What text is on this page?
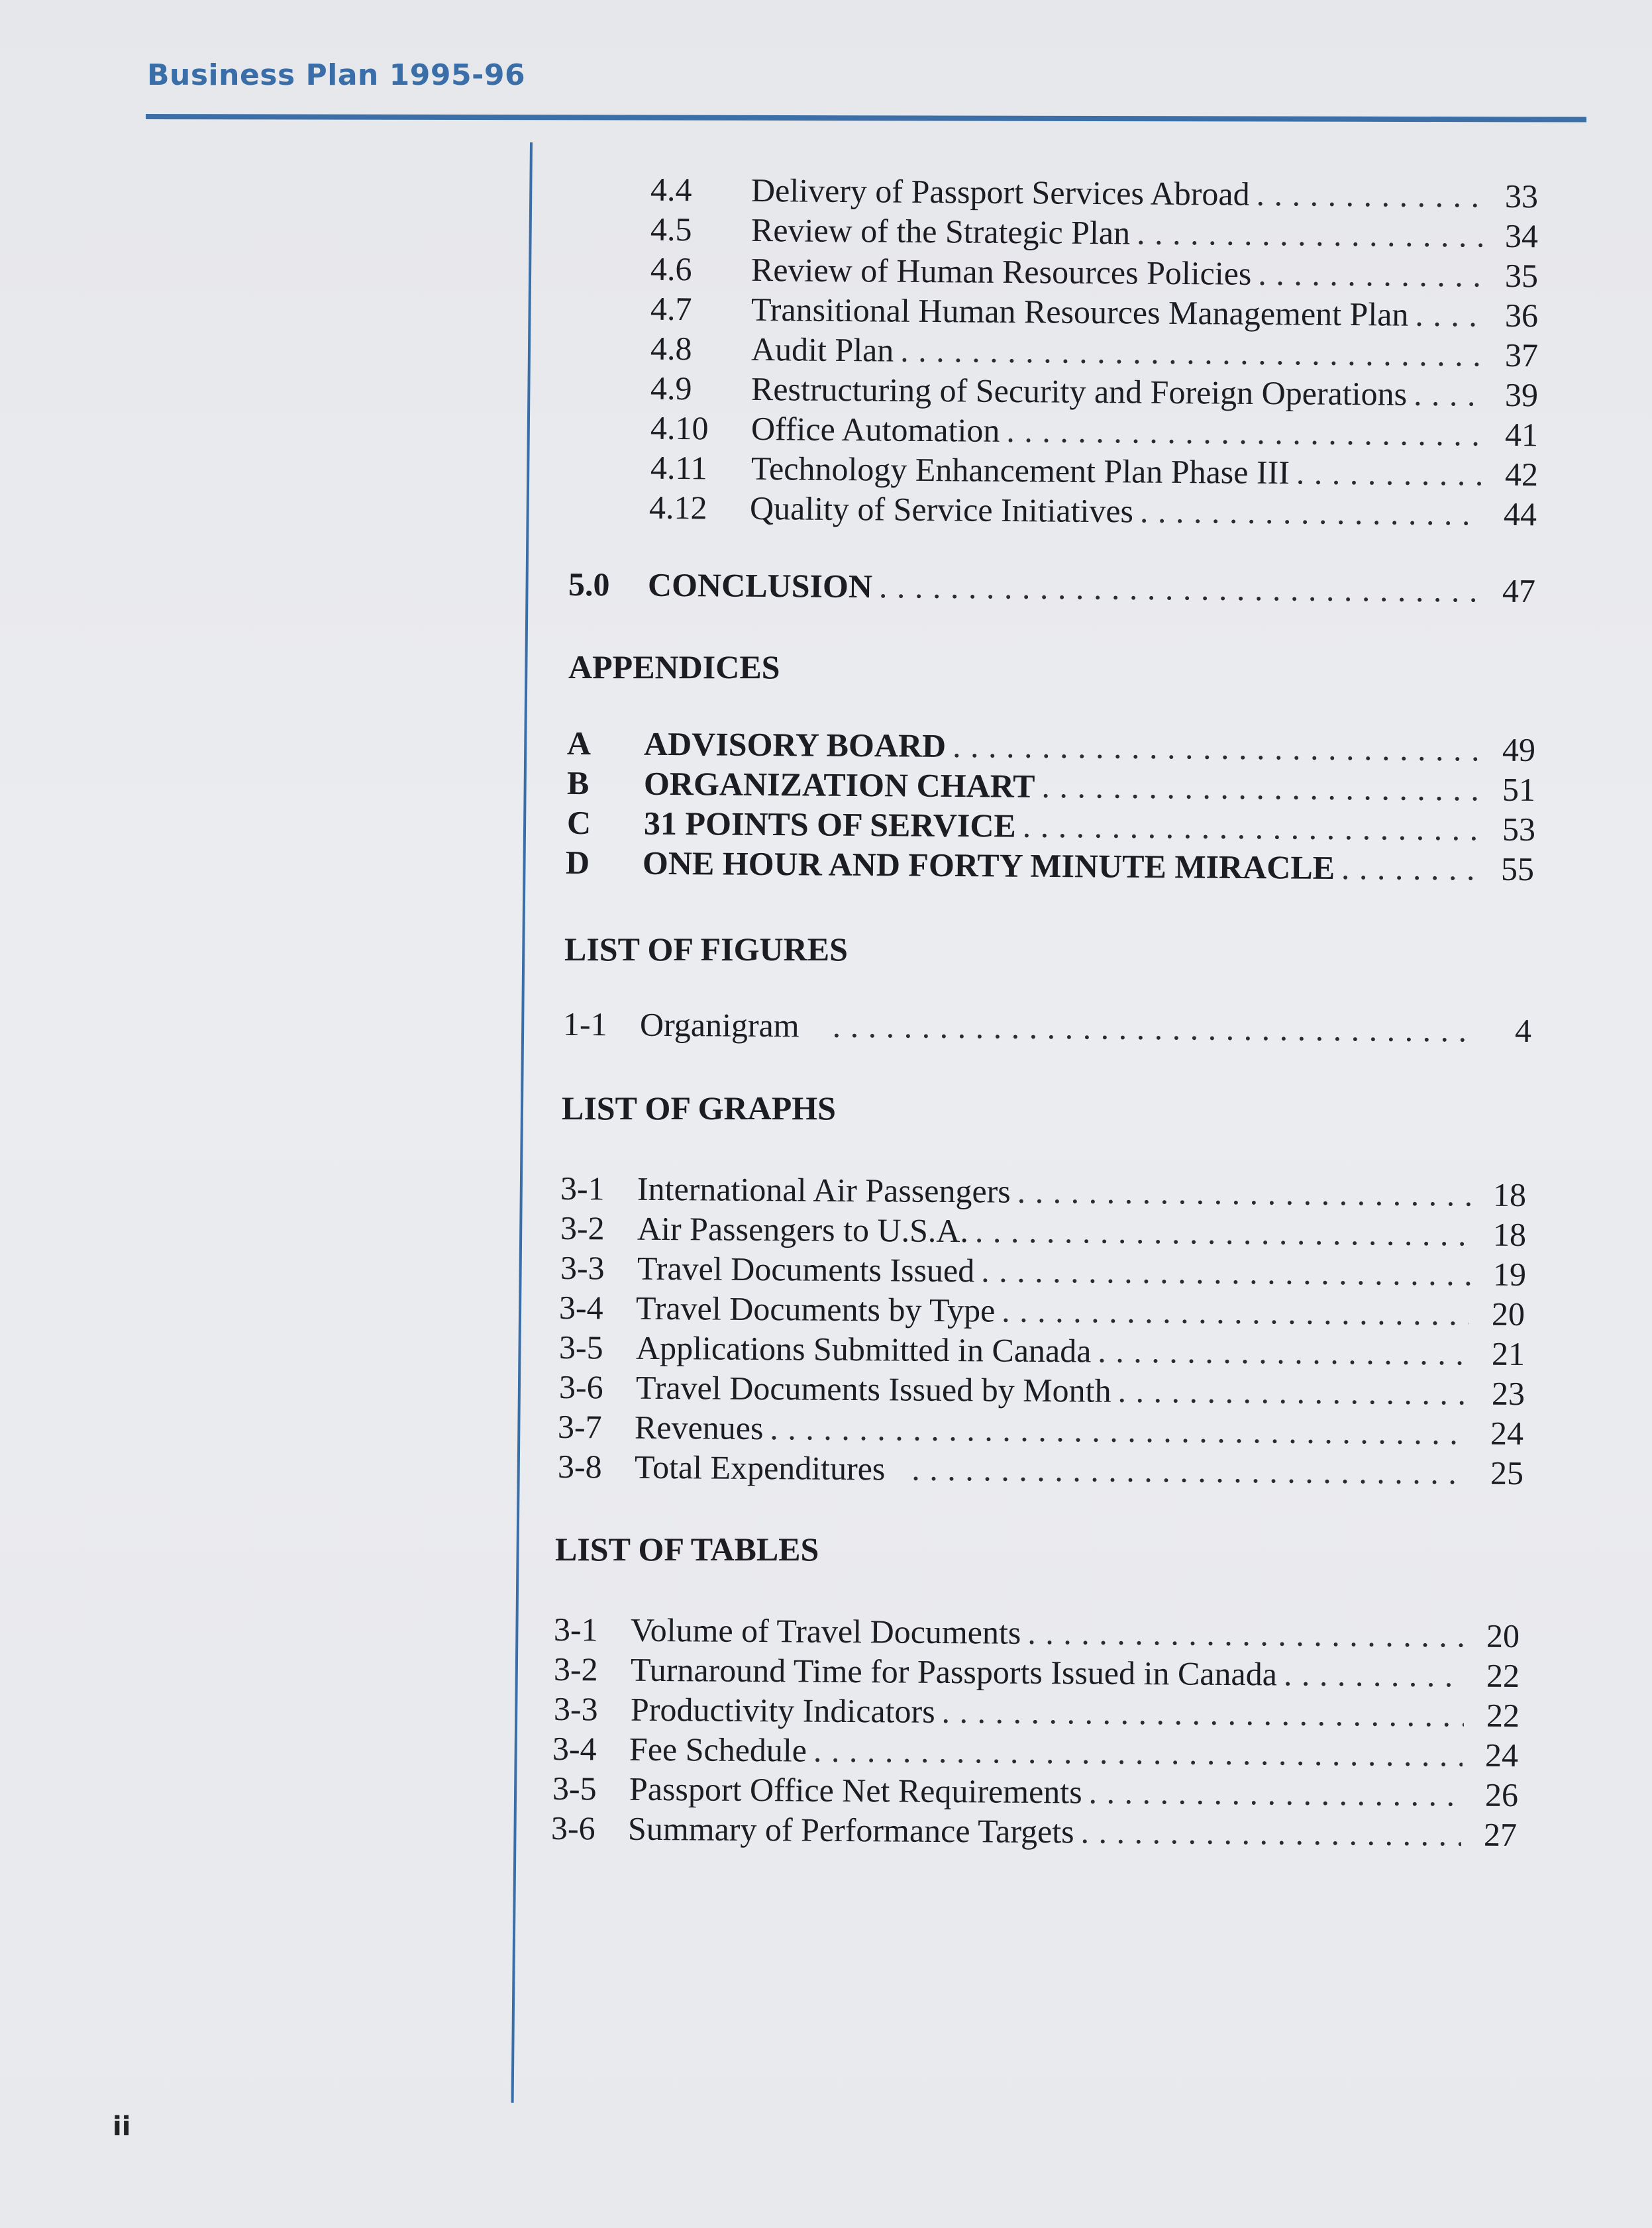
Business Plan 1995-96
4.4	Delivery of Passport Services Abroad . . .	33
4.5	Review of the Strategic Plan . . .	34
4.6	Review of Human Resources Policies . . .	35
4.7	Transitional Human Resources Management Plan . . .	36
4.8	Audit Plan . . .	37
4.9	Restructuring of Security and Foreign Operations . . .	39
4.10	Office Automation . . .	41
4.11	Technology Enhancement Plan Phase III . . .	42
4.12	Quality of Service Initiatives . . .	44
5.0	CONCLUSION . . .	47
APPENDICES
A	ADVISORY BOARD . . .	49
B	ORGANIZATION CHART . . .	51
C	31 POINTS OF SERVICE . . .	53
D	ONE HOUR AND FORTY MINUTE MIRACLE . . .	55
LIST OF FIGURES
1-1 Organigram . . .	4
LIST OF GRAPHS
3-1 International Air Passengers . . .	18
3-2 Air Passengers to U.S.A. . . .	18
3-3 Travel Documents Issued . . .	19
3-4 Travel Documents by Type . . .	20
3-5 Applications Submitted in Canada . . .	21
3-6 Travel Documents Issued by Month . . .	23
3-7 Revenues . . .	24
3-8 Total Expenditures . . .	25
LIST OF TABLES
3-1 Volume of Travel Documents . . .	20
3-2 Turnaround Time for Passports Issued in Canada . . .	22
3-3 Productivity Indicators . . .	22
3-4 Fee Schedule . . .	24
3-5 Passport Office Net Requirements . . .	26
3-6 Summary of Performance Targets . . .	27
ii
